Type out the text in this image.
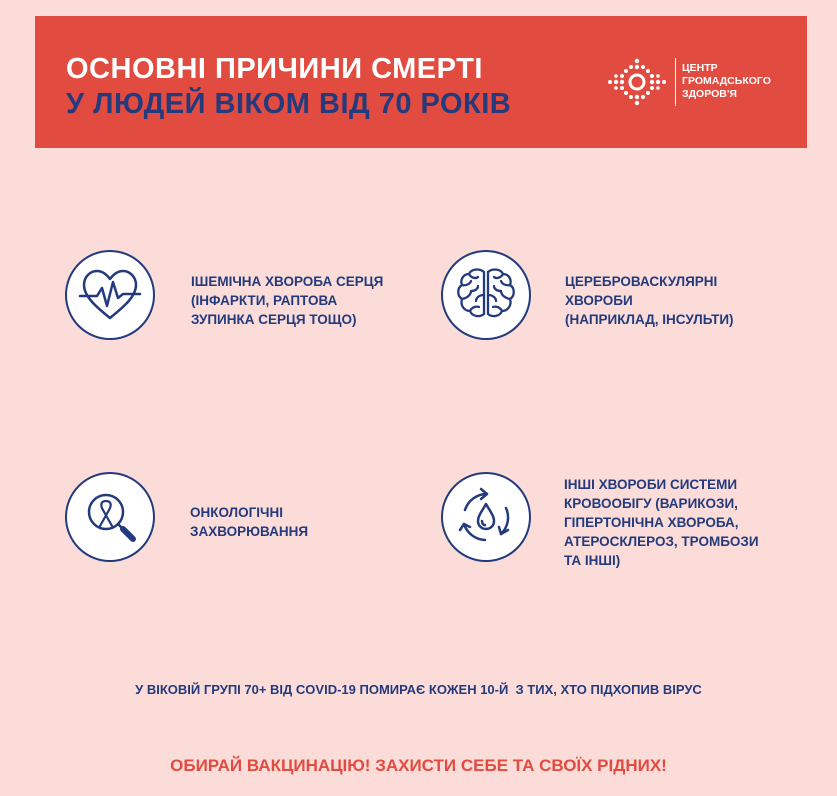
ОСНОВНІ ПРИЧИНИ СМЕРТІ
У ЛЮДЕЙ ВІКОМ ВІД 70 РОКІВ
ЦЕНТР
ГРОМАДСЬКОГО
ЗДОРОВ'Я
ІШЕМІЧНА ХВОРОБА СЕРЦЯ
(ІНФАРКТИ, РАПТОВА
ЗУПИНКА СЕРЦЯ ТОЩО)
ЦЕРЕБРОВАСКУЛЯРНІ
ХВОРОБИ
(НАПРИКЛАД, ІНСУЛЬТИ)
ОНКОЛОГІЧНІ
ЗАХВОРЮВАННЯ
ІНШІ ХВОРОБИ СИСТЕМИ
КРОВООБІГУ (ВАРИКОЗИ,
ГІПЕРТОНІЧНА ХВОРОБА,
АТЕРОСКЛЕРОЗ, ТРОМБОЗИ
ТА ІНШІ)
У ВІКОВІЙ ГРУПІ 70+ ВІД COVID-19 ПОМИРАЄ КОЖЕН 10-Й  З ТИХ, ХТО ПІДХОПИВ ВІРУС
ОБИРАЙ ВАКЦИНАЦІЮ! ЗАХИСТИ СЕБЕ ТА СВОЇХ РІДНИХ!
